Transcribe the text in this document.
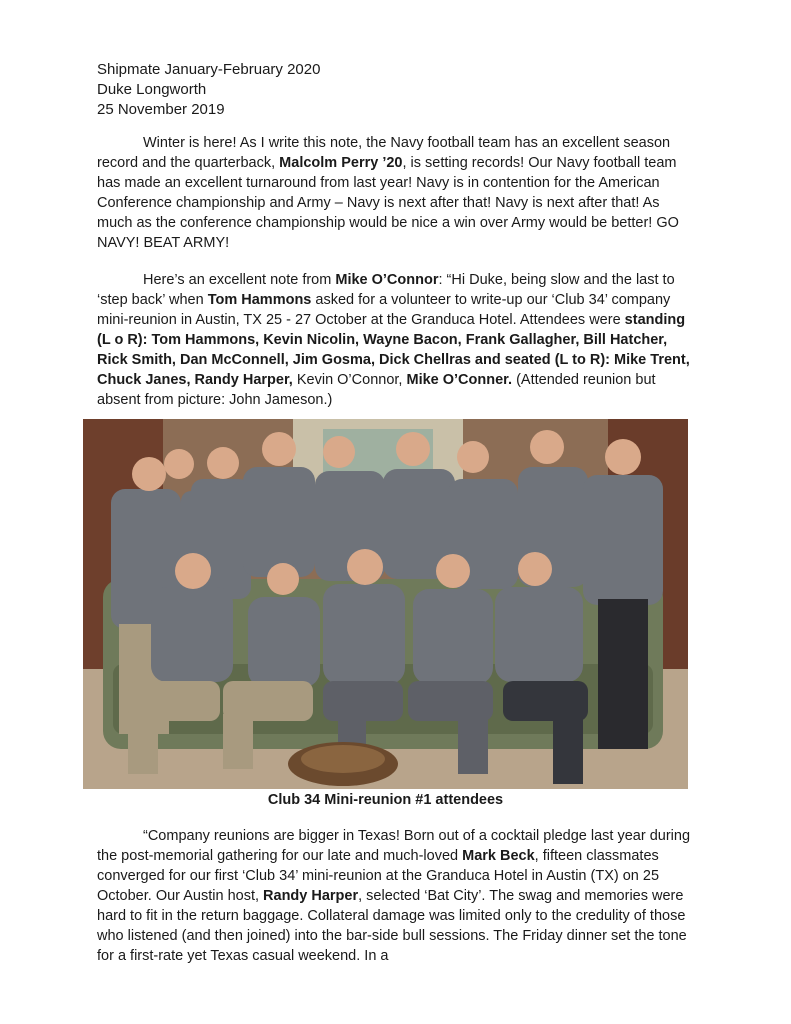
Shipmate January-February 2020
Duke Longworth
25 November 2019

Winter is here! As I write this note, the Navy football team has an excellent season record and the quarterback, Malcolm Perry ’20, is setting records! Our Navy football team has made an excellent turnaround from last year! Navy is in contention for the American Conference championship and Army – Navy is next after that! Navy is next after that! As much as the conference championship would be nice a win over Army would be better! GO NAVY! BEAT ARMY!

Here’s an excellent note from Mike O’Connor: “Hi Duke, being slow and the last to ‘step back’ when Tom Hammons asked for a volunteer to write-up our ‘Club 34’ company mini-reunion in Austin, TX 25 - 27 October at the Granduca Hotel. Attendees were standing (L o R): Tom Hammons, Kevin Nicolin, Wayne Bacon, Frank Gallagher, Bill Hatcher, Rick Smith, Dan McConnell, Jim Gosma, Dick Chellras and seated (L to R): Mike Trent, Chuck Janes, Randy Harper, Kevin O’Connor, Mike O’Conner. (Attended reunion but absent from picture: John Jameson.)

Club 34 Mini-reunion #1 attendees

“Company reunions are bigger in Texas! Born out of a cocktail pledge last year during the post-memorial gathering for our late and much-loved Mark Beck, fifteen classmates converged for our first ‘Club 34’ mini-reunion at the Granduca Hotel in Austin (TX) on 25 October. Our Austin host, Randy Harper, selected ‘Bat City’. The swag and memories were hard to fit in the return baggage. Collateral damage was limited only to the credulity of those who listened (and then joined) into the bar-side bull sessions. The Friday dinner set the tone for a first-rate yet Texas casual weekend. In a
